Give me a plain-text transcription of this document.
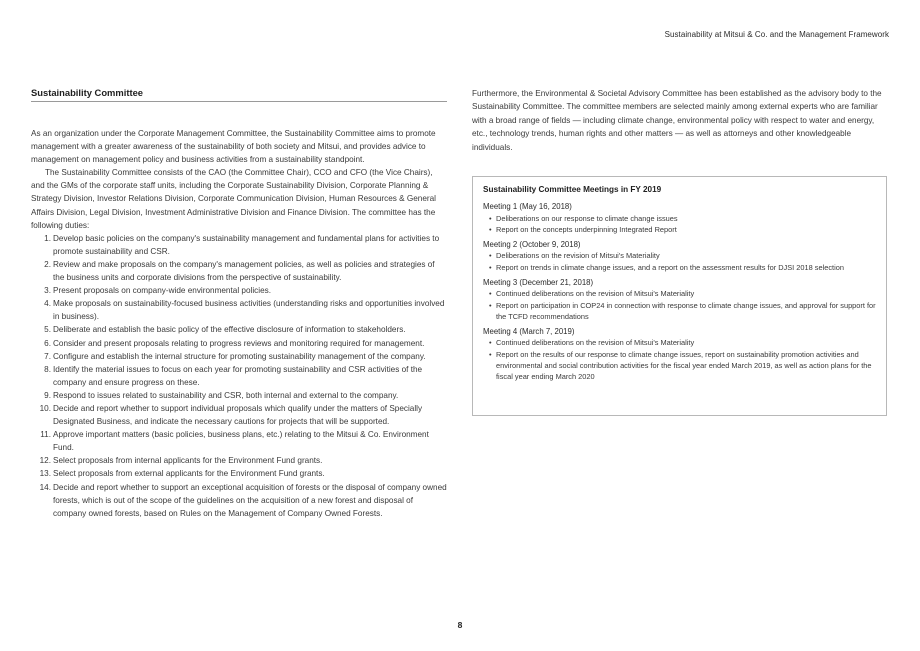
Sustainability at Mitsui & Co. and the Management Framework
Sustainability Committee

As an organization under the Corporate Management Committee, the Sustainability Committee aims to promote management with a greater awareness of the sustainability of both society and Mitsui, and provides advice to management on management policy and business activities from a sustainability standpoint.

The Sustainability Committee consists of the CAO (the Committee Chair), CCO and CFO (the Vice Chairs), and the GMs of the corporate staff units, including the Corporate Sustainability Division, Corporate Planning & Strategy Division, Investor Relations Division, Corporate Communication Division, Human Resources & General Affairs Division, Legal Division, Investment Administrative Division and Finance Division. The committee has the following duties:

1. Develop basic policies on the company's sustainability management and fundamental plans for activities to promote sustainability and CSR.
2. Review and make proposals on the company's management policies, as well as policies and strategies of the business units and corporate divisions from the perspective of sustainability.
3. Present proposals on company-wide environmental policies.
4. Make proposals on sustainability-focused business activities (understanding risks and opportunities involved in business).
5. Deliberate and establish the basic policy of the effective disclosure of information to stakeholders.
6. Consider and present proposals relating to progress reviews and monitoring required for management.
7. Configure and establish the internal structure for promoting sustainability management of the company.
8. Identify the material issues to focus on each year for promoting sustainability and CSR activities of the company and ensure progress on these.
9. Respond to issues related to sustainability and CSR, both internal and external to the company.
10. Decide and report whether to support individual proposals which qualify under the matters of Specially Designated Business, and indicate the necessary cautions for projects that will be supported.
11. Approve important matters (basic policies, business plans, etc.) relating to the Mitsui & Co. Environment Fund.
12. Select proposals from internal applicants for the Environment Fund grants.
13. Select proposals from external applicants for the Environment Fund grants.
14. Decide and report whether to support an exceptional acquisition of forests or the disposal of company owned forests, which is out of the scope of the guidelines on the acquisition of a new forest and disposal of company owned forests, based on Rules on the Management of Company Owned Forests.

Furthermore, the Environmental & Societal Advisory Committee has been established as the advisory body to the Sustainability Committee. The committee members are selected mainly among external experts who are familiar with a broad range of fields — including climate change, environmental policy with respect to water and energy, etc., technology trends, human rights and other matters — as well as attorneys and other knowledgeable individuals.

Sustainability Committee Meetings in FY 2019
Meeting 1 (May 16, 2018)
• Deliberations on our response to climate change issues
• Report on the concepts underpinning Integrated Report
Meeting 2 (October 9, 2018)
• Deliberations on the revision of Mitsui's Materiality
• Report on trends in climate change issues, and a report on the assessment results for DJSI 2018 selection
Meeting 3 (December 21, 2018)
• Continued deliberations on the revision of Mitsui's Materiality
• Report on participation in COP24 in connection with response to climate change issues, and approval for support for the TCFD recommendations
Meeting 4 (March 7, 2019)
• Continued deliberations on the revision of Mitsui's Materiality
• Report on the results of our response to climate change issues, report on sustainability promotion activities and environmental and social contribution activities for the fiscal year ended March 2019, as well as action plans for the fiscal year ending March 2020
8
